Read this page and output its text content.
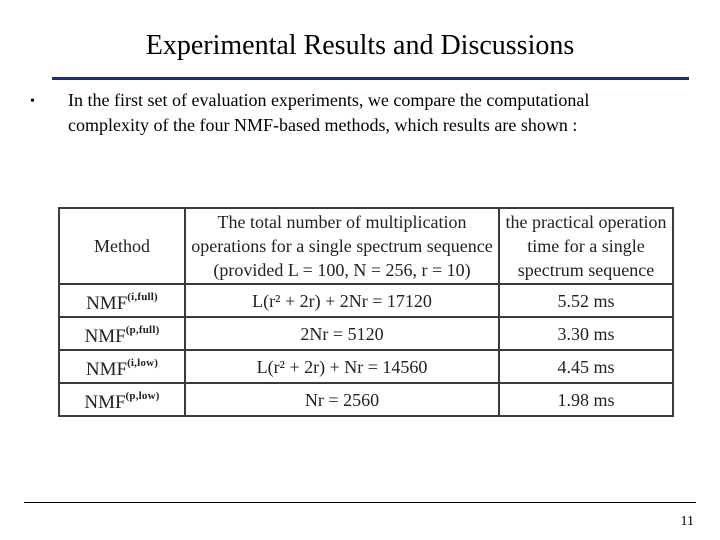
Experimental Results and Discussions
• In the first set of evaluation experiments, we compare the computational complexity of the four NMF-based methods, which results are shown :
Method	The total number of multiplication operations for a single spectrum sequence (provided L = 100, N = 256, r = 10)	the practical operation time for a single spectrum sequence
$NMF^{(i,full)}$	L(r² + 2r) + 2Nr = 17120	5.52 ms
$NMF^{(p,full)}$	2Nr = 5120	3.30 ms
$NMF^{(i,low)}$	L(r² + 2r) + Nr = 14560	4.45 ms
$NMF^{(p,low)}$	Nr = 2560	1.98 ms
11
